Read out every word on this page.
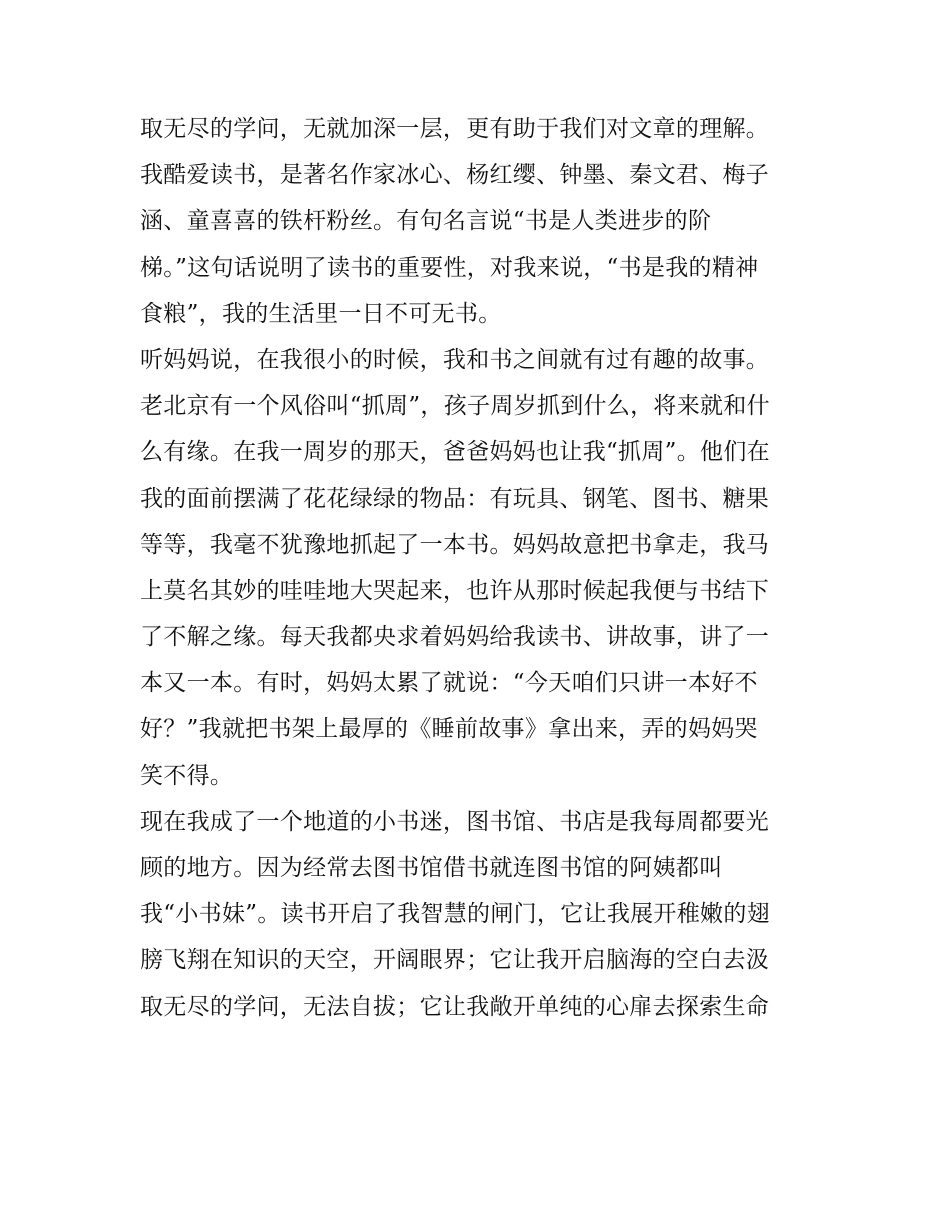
取无尽的学问，无就加深一层，更有助于我们对文章的理解。
我酷爱读书，是著名作家冰心、杨红缨、钟墨、秦文君、梅子
涵、童喜喜的铁杆粉丝。有句名言说“书是人类进步的阶
梯。”这句话说明了读书的重要性，对我来说，“书是我的精神
食粮”，我的生活里一日不可无书。
听妈妈说，在我很小的时候，我和书之间就有过有趣的故事。
老北京有一个风俗叫“抓周”，孩子周岁抓到什么，将来就和什
么有缘。在我一周岁的那天，爸爸妈妈也让我“抓周”。他们在
我的面前摆满了花花绿绿的物品：有玩具、钢笔、图书、糖果
等等，我毫不犹豫地抓起了一本书。妈妈故意把书拿走，我马
上莫名其妙的哇哇地大哭起来，也许从那时候起我便与书结下
了不解之缘。每天我都央求着妈妈给我读书、讲故事，讲了一
本又一本。有时，妈妈太累了就说：“今天咱们只讲一本好不
好？”我就把书架上最厚的《睡前故事》拿出来，弄的妈妈哭
笑不得。
现在我成了一个地道的小书迷，图书馆、书店是我每周都要光
顾的地方。因为经常去图书馆借书就连图书馆的阿姨都叫
我“小书妹”。读书开启了我智慧的闸门，它让我展开稚嫩的翅
膀飞翔在知识的天空，开阔眼界；它让我开启脑海的空白去汲
取无尽的学问，无法自拔；它让我敞开单纯的心扉去探索生命
